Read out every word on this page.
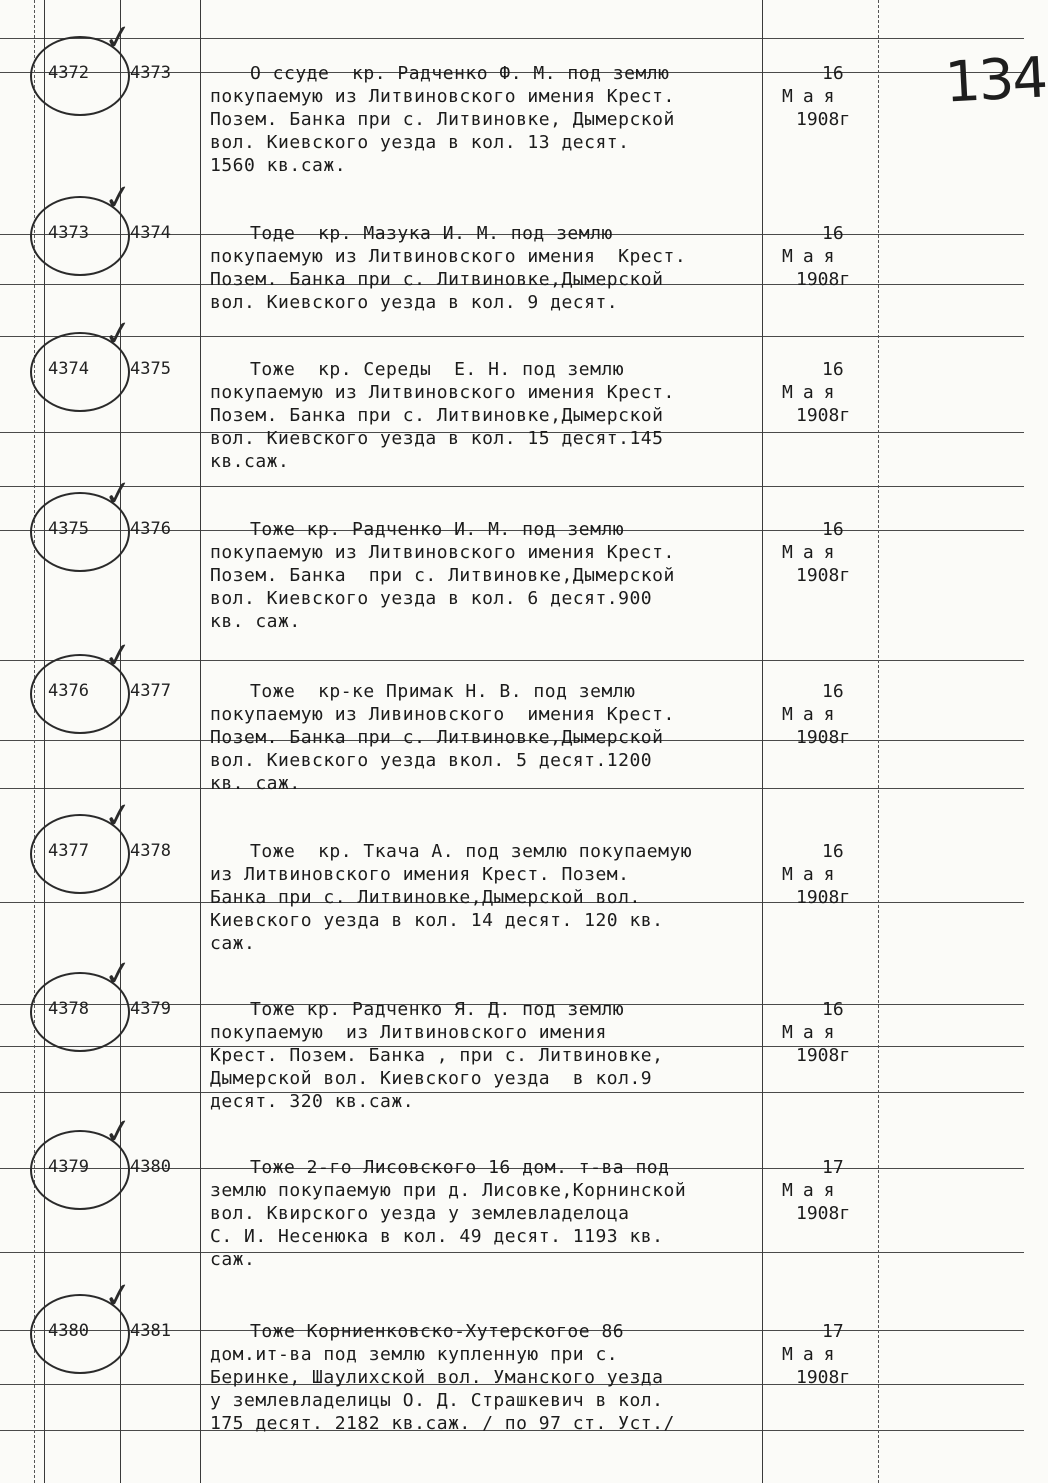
134
✓
4372 4373	О ссуде  кр. Радченко Ф. М. под землю
покупаемую из Литвиновского имения Крест.
Позем. Банка при с. Литвиновке, Дымерской
вол. Киевского уезда в кол. 13 десят.
1560 кв.саж.
16
Мая
1908г
✓
4373 4374	Тоде  кр. Мазука И. М. под землю
покупаемую из Литвиновского имения  Крест.
Позем. Банка при с. Литвиновке,Дымерской
вол. Киевского уезда в кол. 9 десят.
16
Мая
1908г
✓
4374 4375	Тоже  кр. Середы  Е. Н. под землю
покупаемую из Литвиновского имения Крест.
Позем. Банка при с. Литвиновке,Дымерской
вол. Киевского уезда в кол. 15 десят.145
кв.саж.
16
Мая
1908г
✓
4375 4376	Тоже кр. Радченко И. М. под землю
покупаемую из Литвиновского имения Крест.
Позем. Банка  при с. Литвиновке,Дымерской
вол. Киевского уезда в кол. 6 десят.900
кв. саж.
16
Мая
1908г
✓
4376 4377	Тоже  кр-ке Примак Н. В. под землю
покупаемую из Ливиновского  имения Крест.
Позем. Банка при с. Литвиновке,Дымерской
вол. Киевского уезда вкол. 5 десят.1200
кв. саж.
16
Мая
1908г
✓
4377 4378	Тоже  кр. Ткача А. под землю покупаемую
из Литвиновского имения Крест. Позем.
Банка при с. Литвиновке,Дымерской вол.
Киевского уезда в кол. 14 десят. 120 кв.
саж.
16
Мая
1908г
✓
4378 4379	Тоже кр. Радченко Я. Д. под землю
покупаемую  из Литвиновского имения
Крест. Позем. Банка , при с. Литвиновке,
Дымерской вол. Киевского уезда  в кол.9
десят. 320 кв.саж.
16
Мая
1908г
✓
4379 4380	Тоже 2-го Лисовского 16 дом. т-ва под
землю покупаемую при д. Лисовке,Корнинской
вол. Квирского уезда у землевладелоца
С. И. Несенюка в кол. 49 десят. 1193 кв.
саж.
17
Мая
1908г
✓
4380 4381	Тоже Корниенковско-Хутерскогое 86
дом.ит-ва под землю купленную при с.
Беринке, Шаулихской вол. Уманского уезда
у землевладелицы О. Д. Страшкевич в кол.
175 десят. 2182 кв.саж. / по 97 ст. Уст./
17
Мая
1908г
